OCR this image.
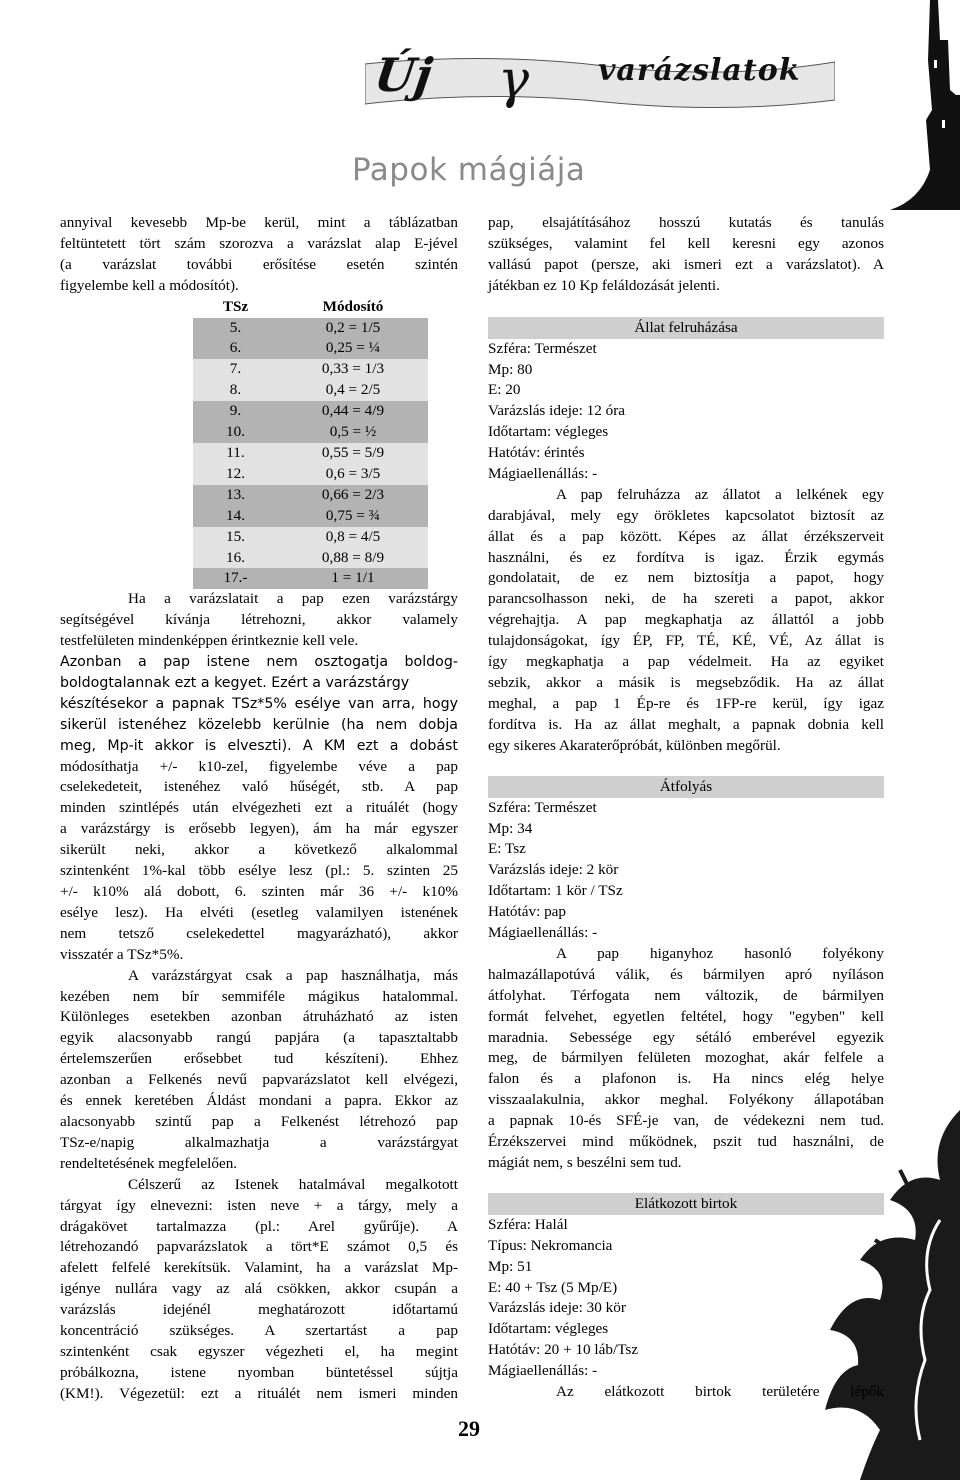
Új γ varázslatok
Papok mágiája

annyival kevesebb Mp-be kerül, mint a táblázatban

feltüntetett tört szám szorozva a varázslat alap E-jével

(a varázslat további erősítése esetén szintén

figyelembe kell a módosítót).

TSz	Módosító
5.	0,2 = 1/5
6.	0,25 = ¼
7.	0,33 = 1/3
8.	0,4 = 2/5
9.	0,44 = 4/9
10.	0,5 = ½
11.	0,55 = 5/9
12.	0,6 = 3/5
13.	0,66 = 2/3
14.	0,75 = ¾
15.	0,8 = 4/5
16.	0,88 = 8/9
17.-	1 = 1/1

Ha a varázslatait a pap ezen varázstárgy

segítségével kívánja létrehozni, akkor valamely

testfelületen mindenképpen érintkeznie kell vele.

Azonban a pap istene nem osztogatja boldog-

boldogtalannak ezt a kegyet. Ezért a varázstárgy

készítésekor a papnak TSz*5% esélye van arra, hogy

sikerül istenéhez közelebb kerülnie (ha nem dobja

meg, Mp-it akkor is elveszti). A KM ezt a dobást

módosíthatja +/- k10-zel, figyelembe véve a pap

cselekedeteit, istenéhez való hűségét, stb. A pap

minden szintlépés után elvégezheti ezt a rituálét (hogy

a varázstárgy is erősebb legyen), ám ha már egyszer

sikerült neki, akkor a következő alkalommal

szintenként 1%-kal több esélye lesz (pl.: 5. szinten 25

+/- k10% alá dobott, 6. szinten már 36 +/- k10%

esélye lesz). Ha elvéti (esetleg valamilyen istenének

nem tetsző cselekedettel magyarázható), akkor

visszatér a TSz*5%.

A varázstárgyat csak a pap használhatja, más

kezében nem bír semmiféle mágikus hatalommal.

Különleges esetekben azonban átruházható az isten

egyik alacsonyabb rangú papjára (a tapasztaltabb

értelemszerűen erősebbet tud készíteni). Ehhez

azonban a Felkenés nevű papvarázslatot kell elvégezi,

és ennek keretében Áldást mondani a papra. Ekkor az

alacsonyabb szintű pap a Felkenést létrehozó pap

TSz-e/napig alkalmazhatja a varázstárgyat

rendeltetésének megfelelően.

Célszerű az Istenek hatalmával megalkotott

tárgyat így elnevezni: isten neve + a tárgy, mely a

drágakövet tartalmazza (pl.: Arel gyűrűje). A

létrehozandó papvarázslatok a tört*E számot 0,5 és

afelett felfelé kerekítsük. Valamint, ha a varázslat Mp-

igénye nullára vagy az alá csökken, akkor csupán a

varázslás idejénél meghatározott időtartamú

koncentráció szükséges. A szertartást a pap

szintenként csak egyszer végezheti el, ha megint

próbálkozna, istene nyomban büntetéssel sújtja

(KM!). Végezetül: ezt a rituálét nem ismeri minden

pap, elsajátításához hosszú kutatás és tanulás

szükséges, valamint fel kell keresni egy azonos

vallású papot (persze, aki ismeri ezt a varázslatot). A

játékban ez 10 Kp feláldozását jelenti.

Állat felruházása

Szféra: Természet

Mp: 80

E: 20

Varázslás ideje: 12 óra

Időtartam: végleges

Hatótáv: érintés

Mágiaellenállás: -

A pap felruházza az állatot a lelkének egy

darabjával, mely egy örökletes kapcsolatot biztosít az

állat és a pap között. Képes az állat érzékszerveit

használni, és ez fordítva is igaz. Érzik egymás

gondolatait, de ez nem biztosítja a papot, hogy

parancsolhasson neki, de ha szereti a papot, akkor

végrehajtja. A pap megkaphatja az állattól a jobb

tulajdonságokat, így ÉP, FP, TÉ, KÉ, VÉ, Az állat is

így megkaphatja a pap védelmeit. Ha az egyiket

sebzik, akkor a másik is megsebződik. Ha az állat

meghal, a pap 1 Ép-re és 1FP-re kerül, így igaz

fordítva is. Ha az állat meghalt, a papnak dobnia kell

egy sikeres Akaraterőpróbát, különben megőrül.

Átfolyás

Szféra: Természet

Mp: 34

E: Tsz

Varázslás ideje: 2 kör

Időtartam: 1 kör / TSz

Hatótáv: pap

Mágiaellenállás: -

A pap higanyhoz hasonló folyékony

halmazállapotúvá válik, és bármilyen apró nyíláson

átfolyhat. Térfogata nem változik, de bármilyen

formát felvehet, egyetlen feltétel, hogy "egyben" kell

maradnia. Sebessége egy sétáló emberével egyezik

meg, de bármilyen felületen mozoghat, akár felfele a

falon és a plafonon is. Ha nincs elég helye

visszaalakulnia, akkor meghal. Folyékony állapotában

a papnak 10-és SFÉ-je van, de védekezni nem tud.

Érzékszervei mind működnek, pszit tud használni, de

mágiát nem, s beszélni sem tud.

Elátkozott birtok

Szféra: Halál

Típus: Nekromancia

Mp: 51

E: 40 + Tsz (5 Mp/E)

Varázslás ideje: 30 kör

Időtartam: végleges

Hatótáv: 20 + 10 láb/Tsz

Mágiaellenállás: -

Az elátkozott birtok területére lépők

29
